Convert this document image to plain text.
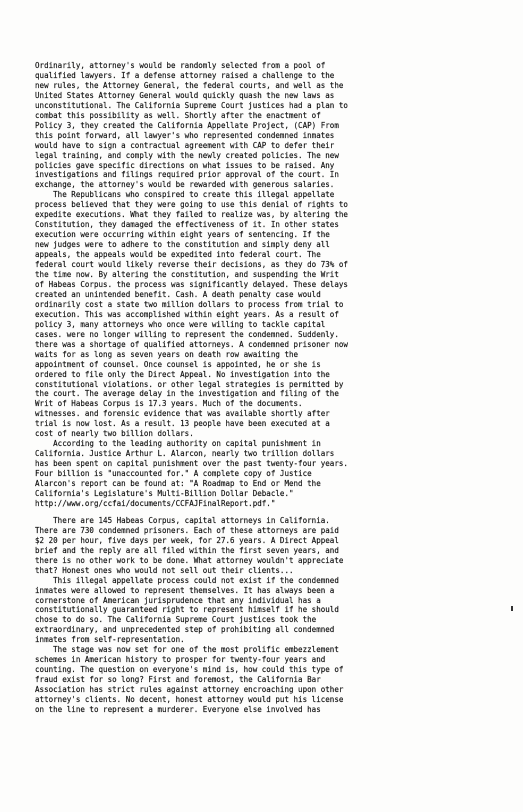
Ordinarily, attorney's would be randomly selected from a pool of
qualified lawyers. If a defense attorney raised a challenge to the
new rules, the Attorney General, the federal courts, and well as the
United States Attorney General would quickly quash the new laws as
unconstitutional. The California Supreme Court justices had a plan to
combat this possibility as well. Shortly after the enactment of
Policy 3, they created the California Appellate Project, (CAP) From
this point forward, all lawyer's who represented condemned inmates
would have to sign a contractual agreement with CAP to defer their
legal training, and comply with the newly created policies. The new
policies gave specific directions on what issues to be raised. Any
investigations and filings required prior approval of the court. In
exchange, the attorney's would be rewarded with generous salaries.
The Republicans who conspired to create this illegal appellate
process believed that they were going to use this denial of rights to
expedite executions. What they failed to realize was, by altering the
Constitution, they damaged the effectiveness of it. In other states
execution were occurring within eight years of sentencing. If the
new judges were to adhere to the constitution and simply deny all
appeals, the appeals would be expedited into federal court. The
federal court would likely reverse their decisions, as they do 73% of
the time now. By altering the constitution, and suspending the Writ
of Habeas Corpus. the process was significantly delayed. These delays
created an unintended benefit. Cash. A death penalty case would
ordinarily cost a state two million dollars to process from trial to
execution. This was accomplished within eight years. As a result of
policy 3, many attorneys who once were willing to tackle capital
cases. were no longer willing to represent the condemned. Suddenly.
there was a shortage of qualified attorneys. A condemned prisoner now
waits for as long as seven years on death row awaiting the
appointment of counsel. Once counsel is appointed, he or she is
ordered to file only the Direct Appeal. No investigation into the
constitutional violations. or other legal strategies is permitted by
the court. The average delay in the investigation and filing of the
Writ of Habeas Corpus is 17.3 years. Much of the documents.
witnesses. and forensic evidence that was available shortly after
trial is now lost. As a result. 13 people have been executed at a
cost of nearly two billion dollars.
According to the leading authority on capital punishment in
California. Justice Arthur L. Alarcon, nearly two trillion dollars
has been spent on capital punishment over the past twenty-four years.
Four billion is "unaccounted for." A complete copy of Justice
Alarcon's report can be found at: "A Roadmap to End or Mend the
California's Legislature's Multi-Billion Dollar Debacle."
http://www.org/ccfai/documents/CCFAJFinalReport.pdf."
There are 145 Habeas Corpus, capital attorneys in California.
There are 730 condemned prisoners. Each of these attorneys are paid
$2 20 per hour, five days per week, for 27.6 years. A Direct Appeal
brief and the reply are all filed within the first seven years, and
there is no other work to be done. What attorney wouldn't appreciate
that? Honest ones who would not sell out their clients...
This illegal appellate process could not exist if the condemned
inmates were allowed to represent themselves. It has always been a
cornerstone of American jurisprudence that any individual has a
constitutionally guaranteed right to represent himself if he should
chose to do so. The California Supreme Court justices took the
extraordinary, and unprecedented step of prohibiting all condemned
inmates from self-representation.
The stage was now set for one of the most prolific embezzlement
schemes in American history to prosper for twenty-four years and
counting. The question on everyone's mind is, how could this type of
fraud exist for so long? First and foremost, the California Bar
Association has strict rules against attorney encroaching upon other
attorney's clients. No decent, honest attorney would put his license
on the line to represent a murderer. Everyone else involved has
